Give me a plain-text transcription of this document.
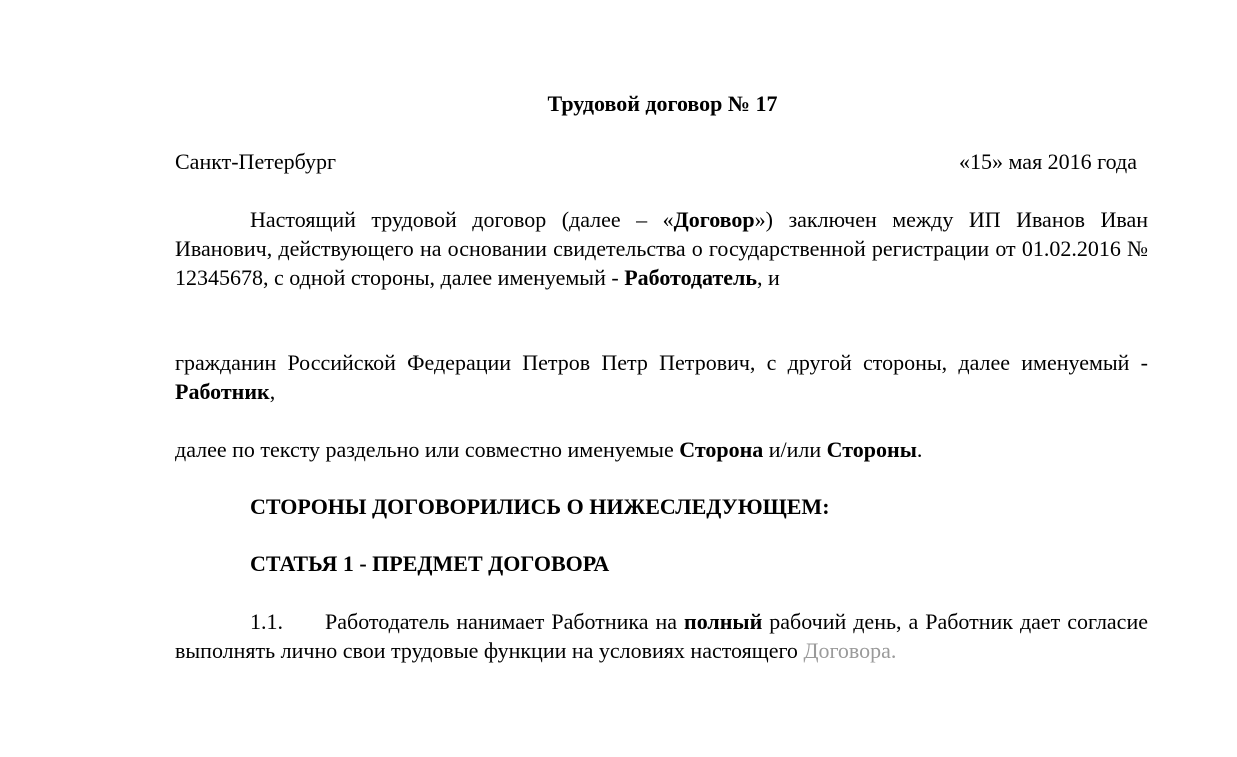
Трудовой договор № 17
Санкт-Петербург	«15» мая 2016 года

Настоящий трудовой договор (далее – «Договор») заключен между ИП Иванов Иван Иванович, действующего на основании свидетельства о государственной регистрации от 01.02.2016 № 12345678, с одной стороны, далее именуемый - Работодатель, и

гражданин Российской Федерации Петров Петр Петрович, с другой стороны, далее именуемый - Работник,

далее по тексту раздельно или совместно именуемые Сторона и/или Стороны.

СТОРОНЫ ДОГОВОРИЛИСЬ О НИЖЕСЛЕДУЮЩЕМ:

СТАТЬЯ 1 - ПРЕДМЕТ ДОГОВОРА

1.1. Работодатель нанимает Работника на полный рабочий день, а Работник дает согласие выполнять лично свои трудовые функции на условиях настоящего Договора.
